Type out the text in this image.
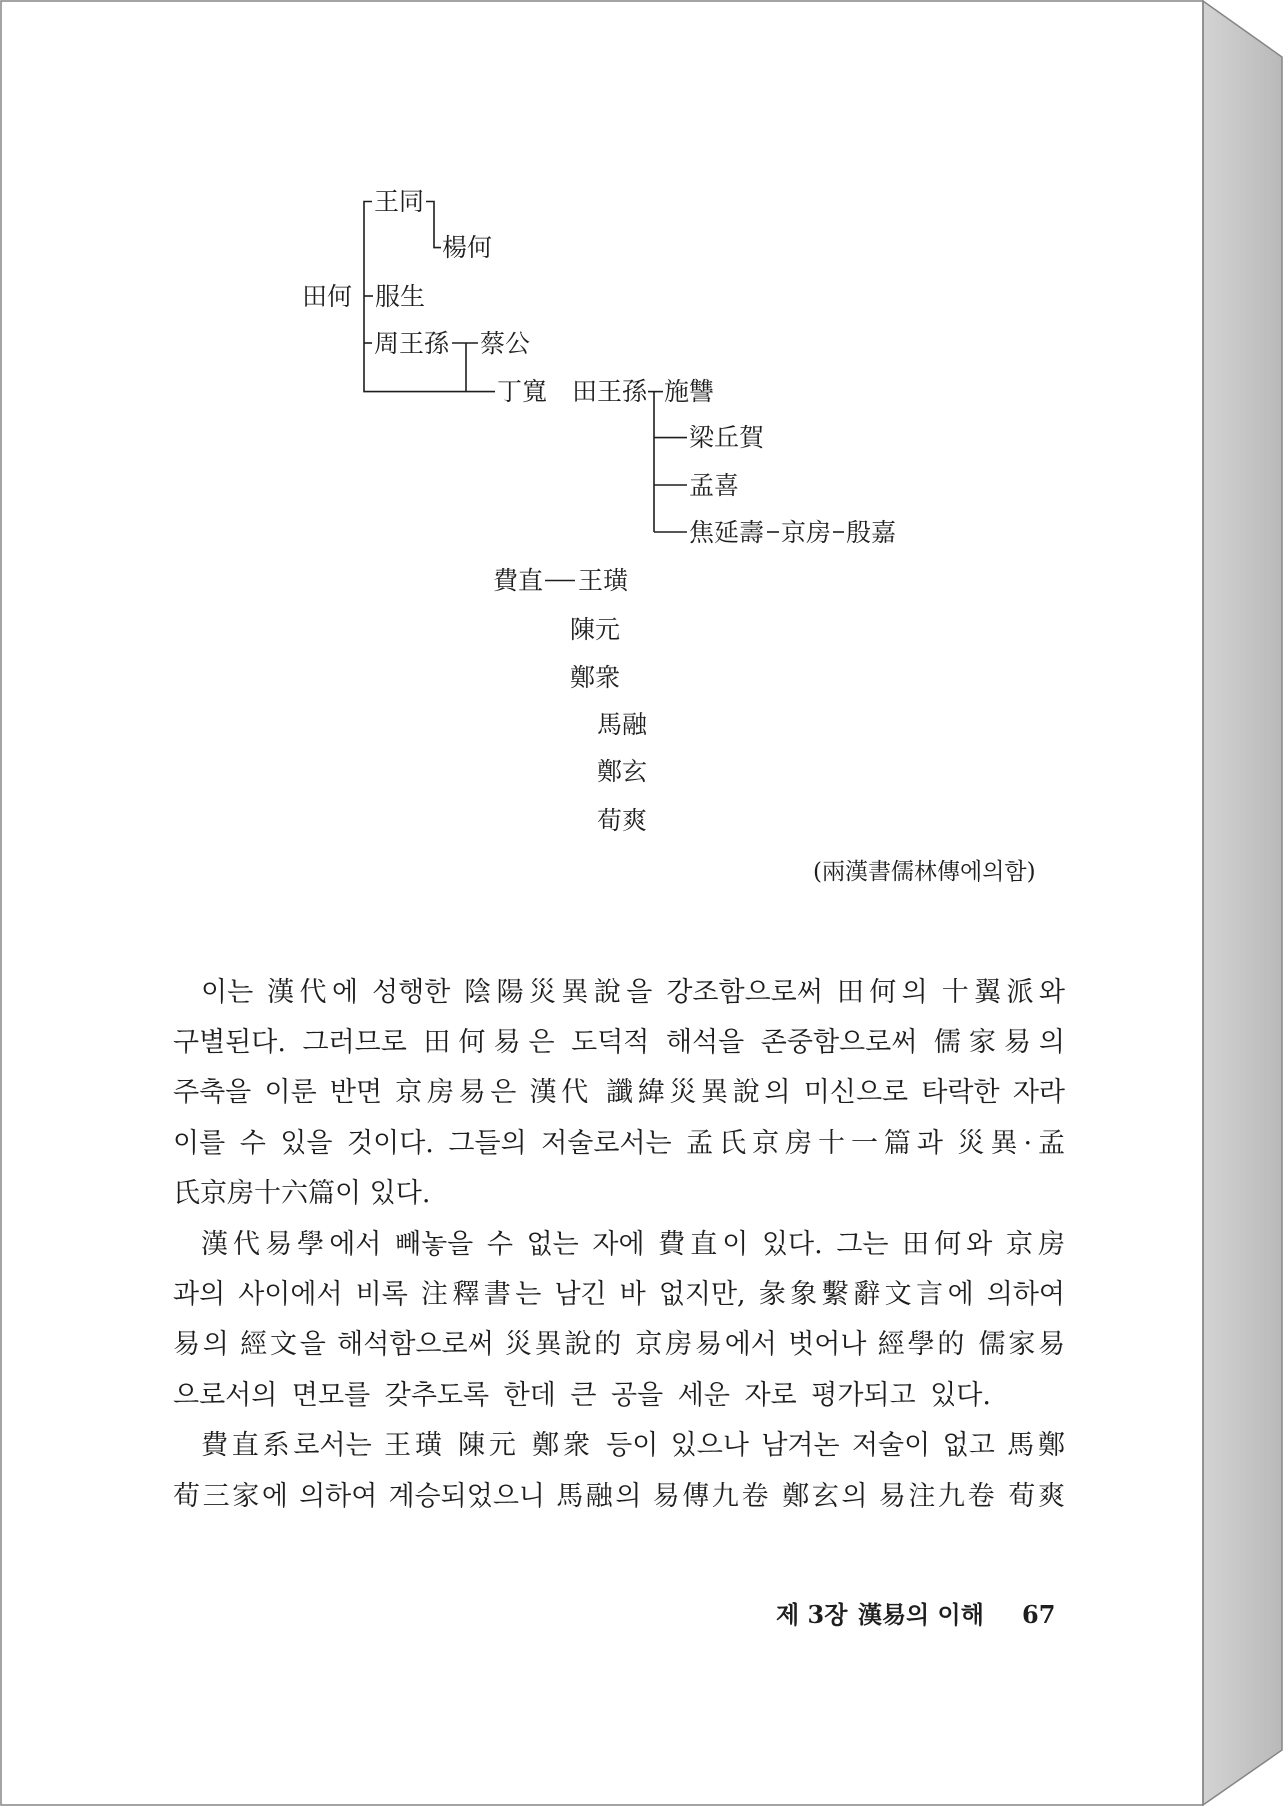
王同
楊何
田何 服生
周王孫 蔡公
丁寬 田王孫 施讐
梁丘賀
孟喜
焦延壽 京房 殷嘉
費直 王璜
陳元
鄭衆
馬融
鄭玄
荀爽
(兩漢書儒林傳에의함)
이는 漢代에 성행한 陰陽災異說을 강조함으로써 田何의 十翼派와
구별된다. 그러므로 田何易은 도덕적 해석을 존중함으로써 儒家易의
주축을 이룬 반면 京房易은 漢代 讖緯災異說의 미신으로 타락한 자라
이를 수 있을 것이다. 그들의 저술로서는 孟氏京房十一篇과 災異·孟
氏京房十六篇이 있다.
漢代易學에서 빼놓을 수 없는 자에 費直이 있다. 그는 田何와 京房
과의 사이에서 비록 注釋書는 남긴 바 없지만, 彖象繫辭文言에 의하여
易의 經文을 해석함으로써 災異說的 京房易에서 벗어나 經學的 儒家易
으로서의 면모를 갖추도록 한데 큰 공을 세운 자로 평가되고 있다.
費直系로서는 王璜 陳元 鄭衆 등이 있으나 남겨논 저술이 없고 馬鄭
荀三家에 의하여 계승되었으니 馬融의 易傳九卷 鄭玄의 易注九卷 荀爽
제 3장 漢易의 이해 67
